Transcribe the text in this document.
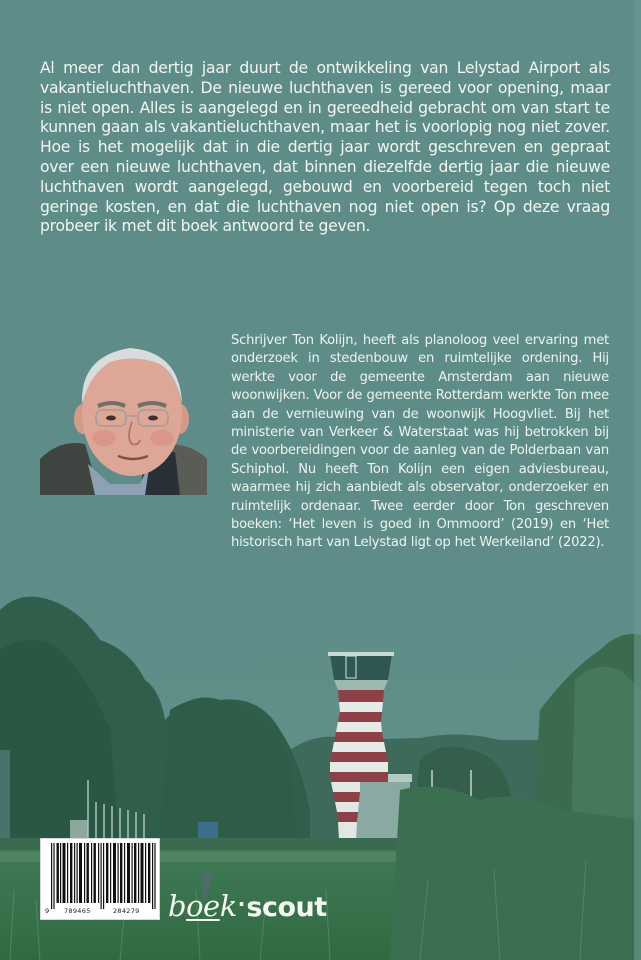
Al meer dan dertig jaar duurt de ontwikkeling van Lelystad Airport als vakantieluchthaven. De nieuwe luchthaven is gereed voor opening, maar is niet open. Alles is aangelegd en in gereedheid gebracht om van start te kunnen gaan als vakantieluchthaven, maar het is voorlopig nog niet zover. Hoe is het mogelijk dat in die dertig jaar wordt geschreven en gepraat over een nieuwe luchthaven, dat binnen diezelfde dertig jaar die nieuwe luchthaven wordt aangelegd, gebouwd en voorbereid tegen toch niet geringe kosten, en dat die luchthaven nog niet open is? Op deze vraag probeer ik met dit boek antwoord te geven.

Schrijver Ton Kolijn, heeft als planoloog veel ervaring met onderzoek in stedenbouw en ruimtelijke ordening. Hij werkte voor de gemeente Amsterdam aan nieuwe woonwijken. Voor de gemeente Rotterdam werkte Ton mee aan de vernieuwing van de woonwijk Hoogvliet. Bij het ministerie van Verkeer & Waterstaat was hij betrokken bij de voorbereidingen voor de aanleg van de Polderbaan van Schiphol. Nu heeft Ton Kolijn een eigen adviesbureau, waarmee hij zich aanbiedt als observator, onderzoeker en ruimtelijk ordenaar. Twee eerder door Ton geschreven boeken: ‘Het leven is goed in Ommoord’ (2019) en ‘Het historisch hart van Lelystad ligt op het Werkeiland’ (2022).

9 789465	284279 boek·scout
